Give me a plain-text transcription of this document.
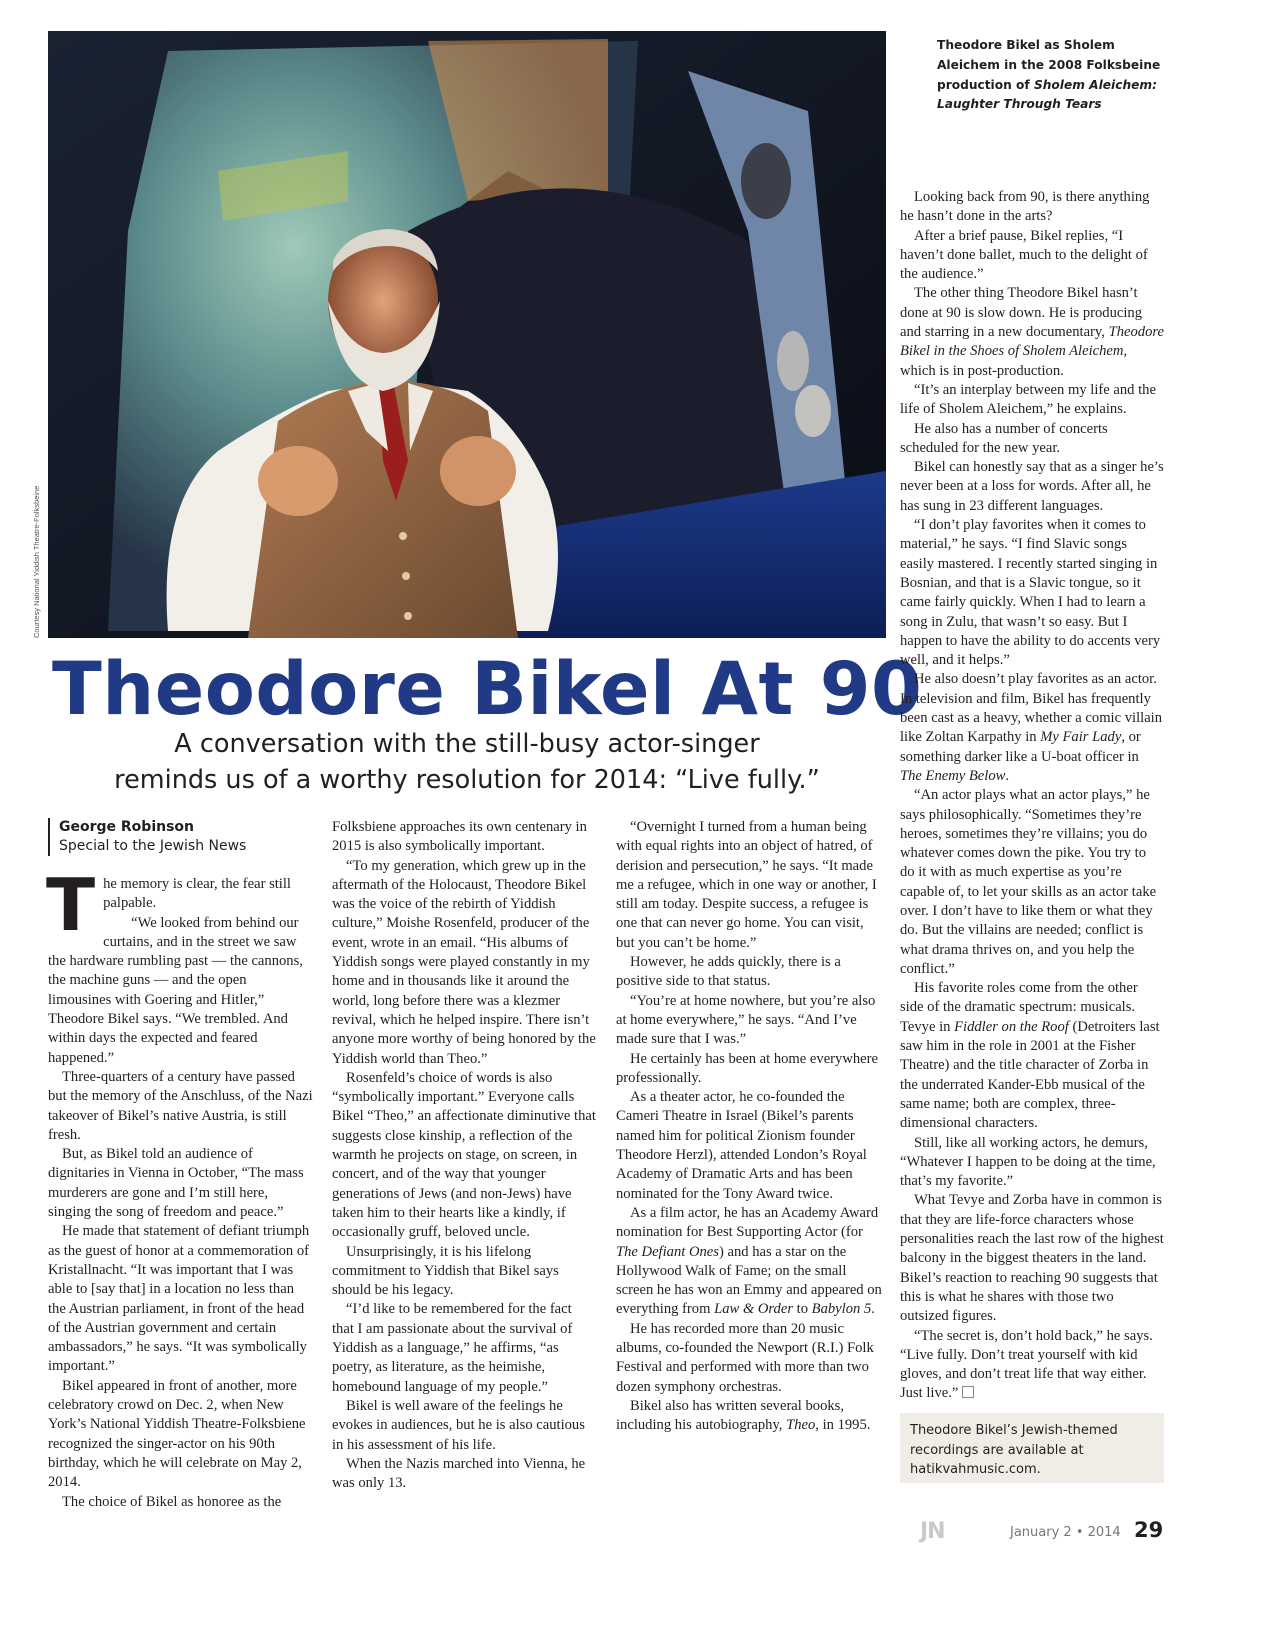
Courtesy National Yiddish Theatre-Folksbeine
Theodore Bikel as Sholem Aleichem in the 2008 Folksbeine production of Sholem Aleichem: Laughter Through Tears
Theodore Bikel At 90
A conversation with the still-busy actor-singer
reminds us of a worthy resolution for 2014: “Live fully.”
George Robinson
Special to the Jewish News

The memory is clear, the fear still palpable.

“We looked from behind our curtains, and in the street we saw the hardware rumbling past — the cannons, the machine guns — and the open limousines with Goering and Hitler,” Theodore Bikel says. “We trembled. And within days the expected and feared happened.”

Three-quarters of a century have passed but the memory of the Anschluss, of the Nazi takeover of Bikel’s native Austria, is still fresh.

But, as Bikel told an audience of dignitaries in Vienna in October, “The mass murderers are gone and I’m still here, singing the song of freedom and peace.”

He made that statement of defiant triumph as the guest of honor at a commemoration of Kristallnacht. “It was important that I was able to [say that] in a location no less than the Austrian parliament, in front of the head of the Austrian government and certain ambassadors,” he says. “It was symbolically important.”

Bikel appeared in front of another, more celebratory crowd on Dec. 2, when New York’s National Yiddish Theatre-Folksbiene recognized the singer-actor on his 90th birthday, which he will celebrate on May 2, 2014.

The choice of Bikel as honoree as the

Folksbiene approaches its own centenary in 2015 is also symbolically important.

“To my generation, which grew up in the aftermath of the Holocaust, Theodore Bikel was the voice of the rebirth of Yiddish culture,” Moishe Rosenfeld, producer of the event, wrote in an email. “His albums of Yiddish songs were played constantly in my home and in thousands like it around the world, long before there was a klezmer revival, which he helped inspire. There isn’t anyone more worthy of being honored by the Yiddish world than Theo.”

Rosenfeld’s choice of words is also “symbolically important.” Everyone calls Bikel “Theo,” an affectionate diminutive that suggests close kinship, a reflection of the warmth he projects on stage, on screen, in concert, and of the way that younger generations of Jews (and non-Jews) have taken him to their hearts like a kindly, if occasionally gruff, beloved uncle.

Unsurprisingly, it is his lifelong commitment to Yiddish that Bikel says should be his legacy.

“I’d like to be remembered for the fact that I am passionate about the survival of Yiddish as a language,” he affirms, “as poetry, as literature, as the heimishe, homebound language of my people.”

Bikel is well aware of the feelings he evokes in audiences, but he is also cautious in his assessment of his life.

When the Nazis marched into Vienna, he was only 13.

“Overnight I turned from a human being with equal rights into an object of hatred, of derision and persecution,” he says. “It made me a refugee, which in one way or another, I still am today. Despite success, a refugee is one that can never go home. You can visit, but you can’t be home.”

However, he adds quickly, there is a positive side to that status.

“You’re at home nowhere, but you’re also at home everywhere,” he says. “And I’ve made sure that I was.”

He certainly has been at home everywhere professionally.

As a theater actor, he co-founded the Cameri Theatre in Israel (Bikel’s parents named him for political Zionism founder Theodore Herzl), attended London’s Royal Academy of Dramatic Arts and has been nominated for the Tony Award twice.

As a film actor, he has an Academy Award nomination for Best Supporting Actor (for The Defiant Ones) and has a star on the Hollywood Walk of Fame; on the small screen he has won an Emmy and appeared on everything from Law & Order to Babylon 5.

He has recorded more than 20 music albums, co-founded the Newport (R.I.) Folk Festival and performed with more than two dozen symphony orchestras.

Bikel also has written several books, including his autobiography, Theo, in 1995.

Looking back from 90, is there anything he hasn’t done in the arts?

After a brief pause, Bikel replies, “I haven’t done ballet, much to the delight of the audience.”

The other thing Theodore Bikel hasn’t done at 90 is slow down. He is producing and starring in a new documentary, Theodore Bikel in the Shoes of Sholem Aleichem, which is in post-production.

“It’s an interplay between my life and the life of Sholem Aleichem,” he explains.

He also has a number of concerts scheduled for the new year.

Bikel can honestly say that as a singer he’s never been at a loss for words. After all, he has sung in 23 different languages.

“I don’t play favorites when it comes to material,” he says. “I find Slavic songs easily mastered. I recently started singing in Bosnian, and that is a Slavic tongue, so it came fairly quickly. When I had to learn a song in Zulu, that wasn’t so easy. But I happen to have the ability to do accents very well, and it helps.”

He also doesn’t play favorites as an actor. In television and film, Bikel has frequently been cast as a heavy, whether a comic villain like Zoltan Karpathy in My Fair Lady, or something darker like a U-boat officer in The Enemy Below.

“An actor plays what an actor plays,” he says philosophically. “Sometimes they’re heroes, sometimes they’re villains; you do whatever comes down the pike. You try to do it with as much expertise as you’re capable of, to let your skills as an actor take over. I don’t have to like them or what they do. But the villains are needed; conflict is what drama thrives on, and you help the conflict.”

His favorite roles come from the other side of the dramatic spectrum: musicals. Tevye in Fiddler on the Roof (Detroiters last saw him in the role in 2001 at the Fisher Theatre) and the title character of Zorba in the underrated Kander-Ebb musical of the same name; both are complex, three-dimensional characters.

Still, like all working actors, he demurs, “Whatever I happen to be doing at the time, that’s my favorite.”

What Tevye and Zorba have in common is that they are life-force characters whose personalities reach the last row of the highest balcony in the biggest theaters in the land. Bikel’s reaction to reaching 90 suggests that this is what he shares with those two outsized figures.

“The secret is, don’t hold back,” he says. “Live fully. Don’t treat yourself with kid gloves, and don’t treat life that way either. Just live.”

Theodore Bikel’s Jewish-themed recordings are available at hatikvahmusic.com.
JN	January 2 • 2014 29
